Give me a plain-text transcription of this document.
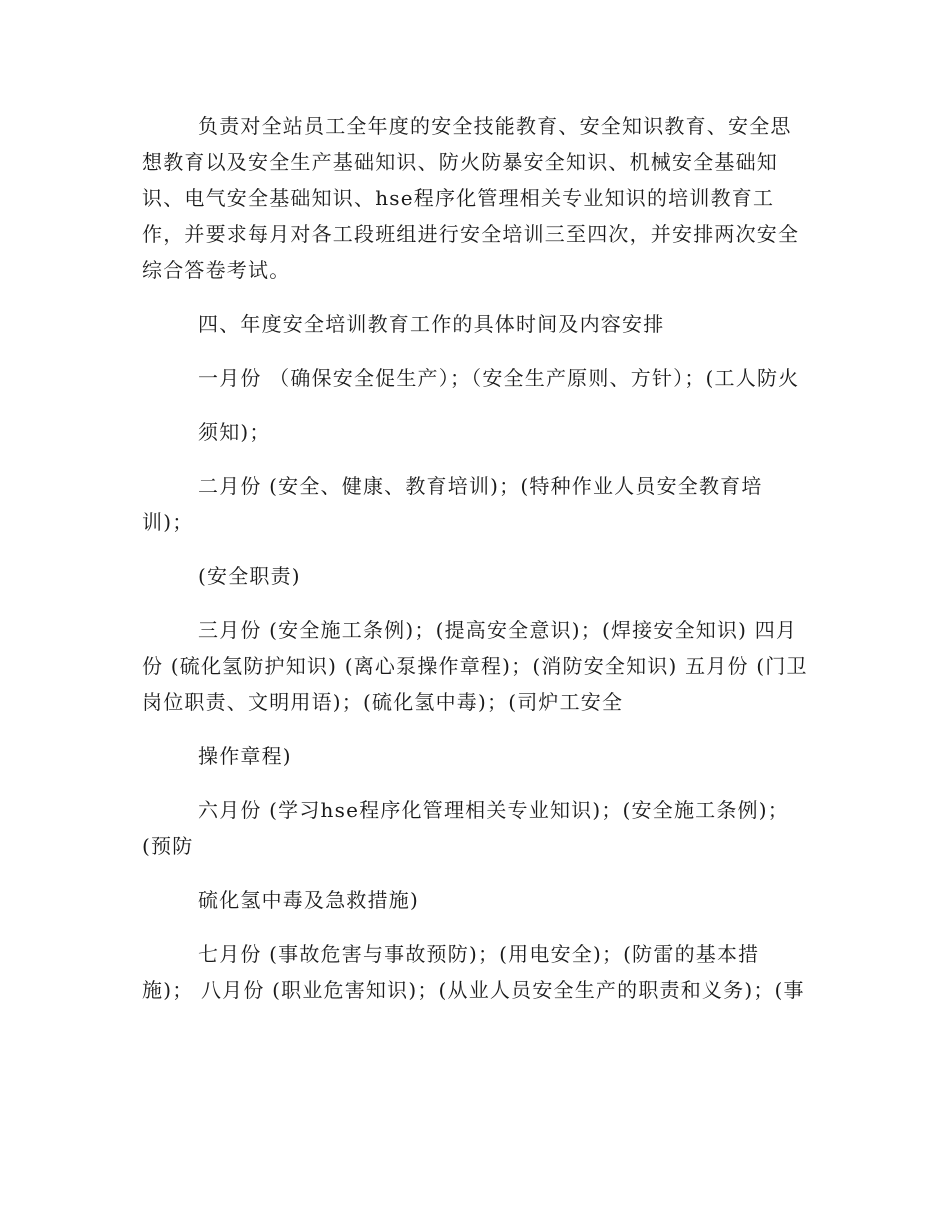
负责对全站员工全年度的安全技能教育、安全知识教育、安全思想教育以及安全生产基础知识、防火防暴安全知识、机械安全基础知识、电气安全基础知识、hse程序化管理相关专业知识的培训教育工作，并要求每月对各工段班组进行安全培训三至四次，并安排两次安全综合答卷考试。

四、年度安全培训教育工作的具体时间及内容安排

一月份 （确保安全促生产）；（安全生产原则、方针）；(工人防火

须知)；

二月份 (安全、健康、教育培训)；(特种作业人员安全教育培训)；

(安全职责)

三月份 (安全施工条例)；(提高安全意识)；(焊接安全知识) 四月份 (硫化氢防护知识) (离心泵操作章程)；(消防安全知识) 五月份 (门卫岗位职责、文明用语)；(硫化氢中毒)；(司炉工安全

操作章程)

六月份 (学习hse程序化管理相关专业知识)；(安全施工条例)；(预防

硫化氢中毒及急救措施)

七月份 (事故危害与事故预防)；(用电安全)；(防雷的基本措施)； 八月份 (职业危害知识)；(从业人员安全生产的职责和义务)；(事
